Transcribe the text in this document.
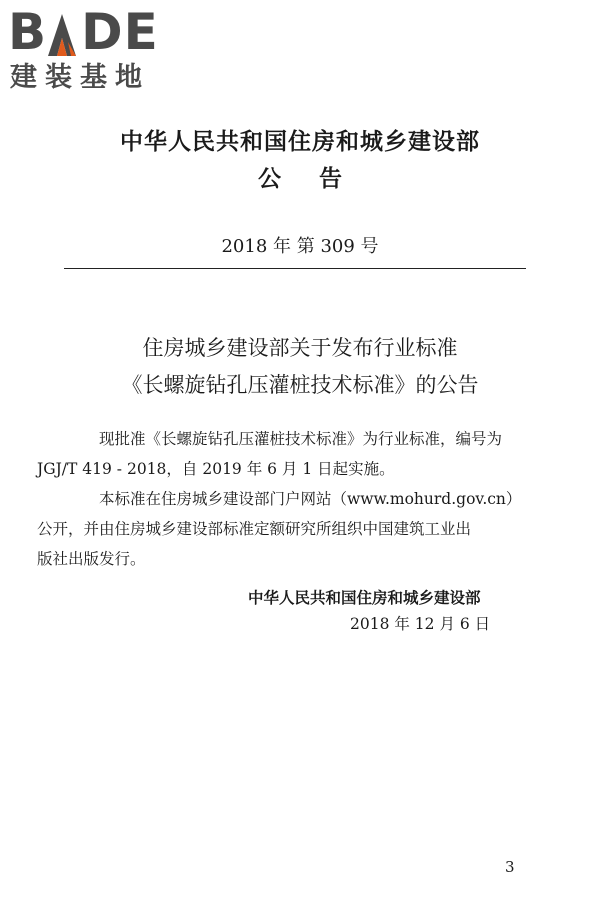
B DE
建装基地
中华人民共和国住房和城乡建设部
公告
2018 年 第 309 号
住房城乡建设部关于发布行业标准
《长螺旋钻孔压灌桩技术标准》的公告
现批准《长螺旋钻孔压灌桩技术标准》为行业标准，编号为
JGJ/T 419 - 2018，自 2019 年 6 月 1 日起实施。
本标准在住房城乡建设部门户网站（www.mohurd.gov.cn）
公开，并由住房城乡建设部标准定额研究所组织中国建筑工业出
版社出版发行。
中华人民共和国住房和城乡建设部
2018 年 12 月 6 日
3
